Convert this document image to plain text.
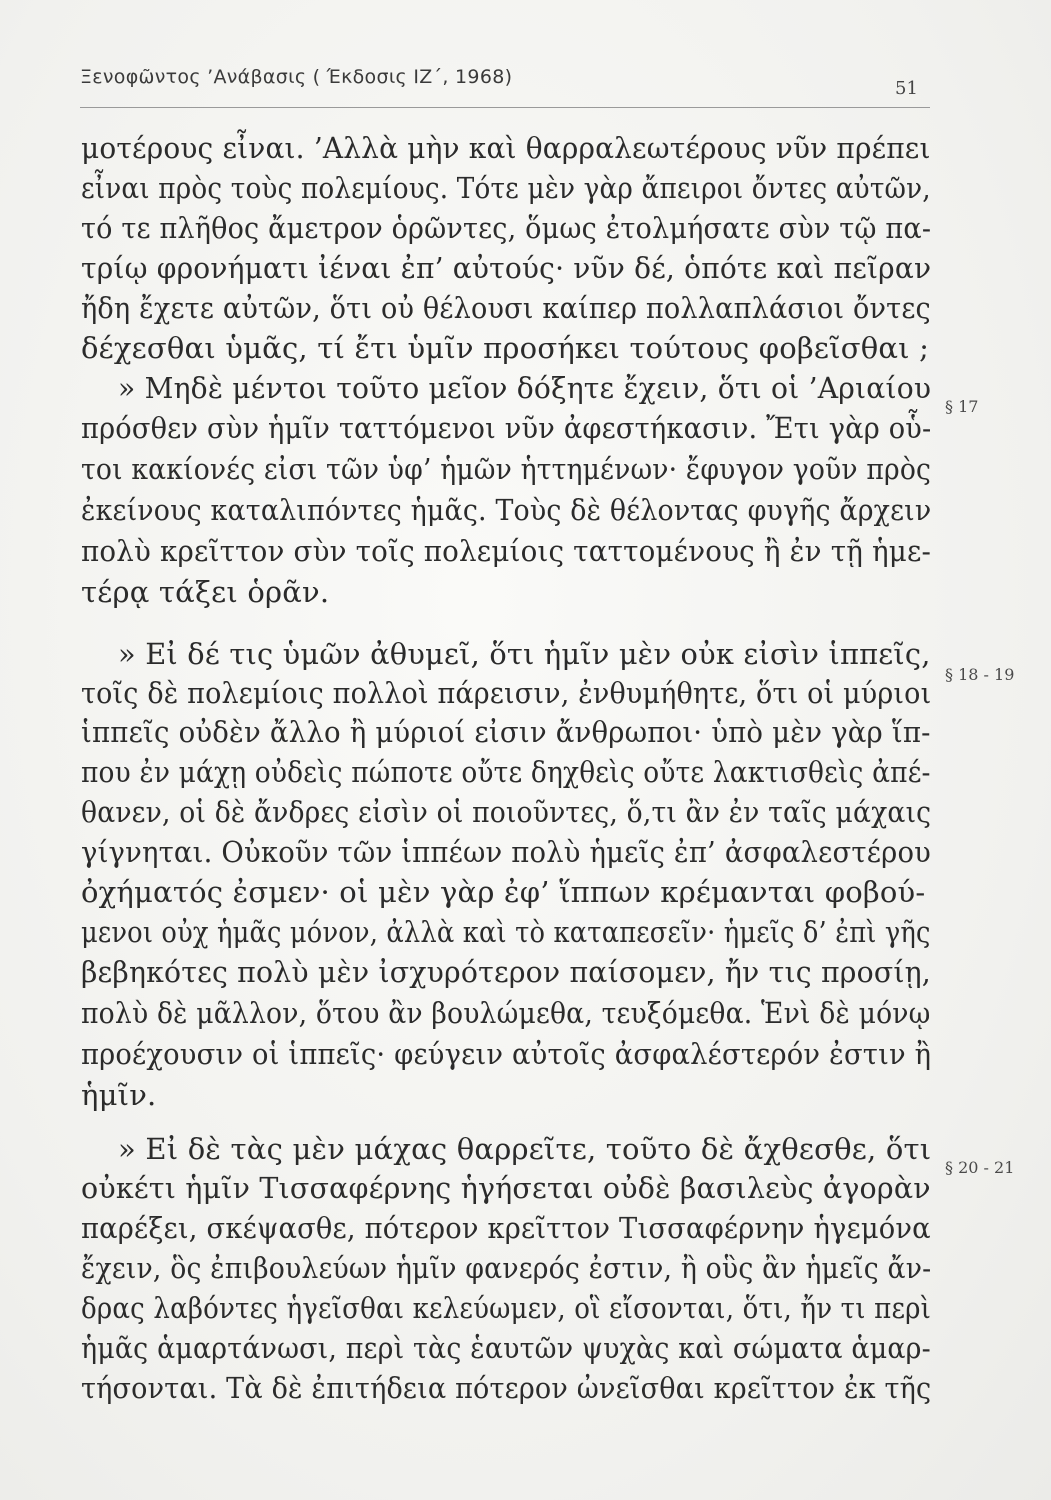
Ξενοφῶντος ’Ανάβασις ( Έκδοσις ΙΖ΄, 1968)
51
μοτέρους εἶναι. ’Αλλὰ μὴν καὶ θαρραλεωτέρους νῦν πρέπει
εἶναι πρὸς τοὺς πολεμίους. Τότε μὲν γὰρ ἄπειροι ὄντες αὐτῶν,
τό τε πλῆθος ἄμετρον ὁρῶντες, ὅμως ἐτολμήσατε σὺν τῷ πα-
τρίῳ φρονήματι ἰέναι ἐπ’ αὐτούς· νῦν δέ, ὁπότε καὶ πεῖραν
ἤδη ἔχετε αὐτῶν, ὅτι οὐ θέλουσι καίπερ πολλαπλάσιοι ὄντες
δέχεσθαι ὑμᾶς, τί ἔτι ὑμῖν προσήκει τούτους φοβεῖσθαι ;
» Μηδὲ μέντοι τοῦτο μεῖον δόξητε ἔχειν, ὅτι οἱ ’Αριαίου
πρόσθεν σὺν ἡμῖν ταττόμενοι νῦν ἀφεστήκασιν. Ἔτι γὰρ οὗ-
τοι κακίονές εἰσι τῶν ὑφ’ ἡμῶν ἡττημένων· ἔφυγον γοῦν πρὸς
ἐκείνους καταλιπόντες ἡμᾶς. Τοὺς δὲ θέλοντας φυγῆς ἄρχειν
πολὺ κρεῖττον σὺν τοῖς πολεμίοις ταττομένους ἢ ἐν τῇ ἡμε-
τέρᾳ τάξει ὁρᾶν.
» Εἰ δέ τις ὑμῶν ἀθυμεῖ, ὅτι ἡμῖν μὲν οὐκ εἰσὶν ἱππεῖς,
τοῖς δὲ πολεμίοις πολλοὶ πάρεισιν, ἐνθυμήθητε, ὅτι οἱ μύριοι
ἱππεῖς οὐδὲν ἄλλο ἢ μύριοί εἰσιν ἄνθρωποι· ὑπὸ μὲν γὰρ ἵπ-
που ἐν μάχῃ οὐδεὶς πώποτε οὔτε δηχθεὶς οὔτε λακτισθεὶς ἀπέ-
θανεν, οἱ δὲ ἄνδρες εἰσὶν οἱ ποιοῦντες, ὅ,τι ἂν ἐν ταῖς μάχαις
γίγνηται. Οὐκοῦν τῶν ἱππέων πολὺ ἡμεῖς ἐπ’ ἀσφαλεστέρου
ὀχήματός ἐσμεν· οἱ μὲν γὰρ ἐφ’ ἵππων κρέμανται φοβού-
μενοι οὐχ ἡμᾶς μόνον, ἀλλὰ καὶ τὸ καταπεσεῖν· ἡμεῖς δ’ ἐπὶ γῆς
βεβηκότες πολὺ μὲν ἰσχυρότερον παίσομεν, ἤν τις προσίῃ,
πολὺ δὲ μᾶλλον, ὅτου ἂν βουλώμεθα, τευξόμεθα. Ἑνὶ δὲ μόνῳ
προέχουσιν οἱ ἱππεῖς· φεύγειν αὐτοῖς ἀσφαλέστερόν ἐστιν ἢ
ἡμῖν.
» Εἰ δὲ τὰς μὲν μάχας θαρρεῖτε, τοῦτο δὲ ἄχθεσθε, ὅτι
οὐκέτι ἡμῖν Τισσαφέρνης ἡγήσεται οὐδὲ βασιλεὺς ἀγορὰν
παρέξει, σκέψασθε, πότερον κρεῖττον Τισσαφέρνην ἡγεμόνα
ἔχειν, ὃς ἐπιβουλεύων ἡμῖν φανερός ἐστιν, ἢ οὓς ἂν ἡμεῖς ἄν-
δρας λαβόντες ἡγεῖσθαι κελεύωμεν, οἳ εἴσονται, ὅτι, ἤν τι περὶ
ἡμᾶς ἁμαρτάνωσι, περὶ τὰς ἑαυτῶν ψυχὰς καὶ σώματα ἁμαρ-
τήσονται. Τὰ δὲ ἐπιτήδεια πότερον ὠνεῖσθαι κρεῖττον ἐκ τῆς
§ 17
§ 18 - 19
§ 20 - 21
